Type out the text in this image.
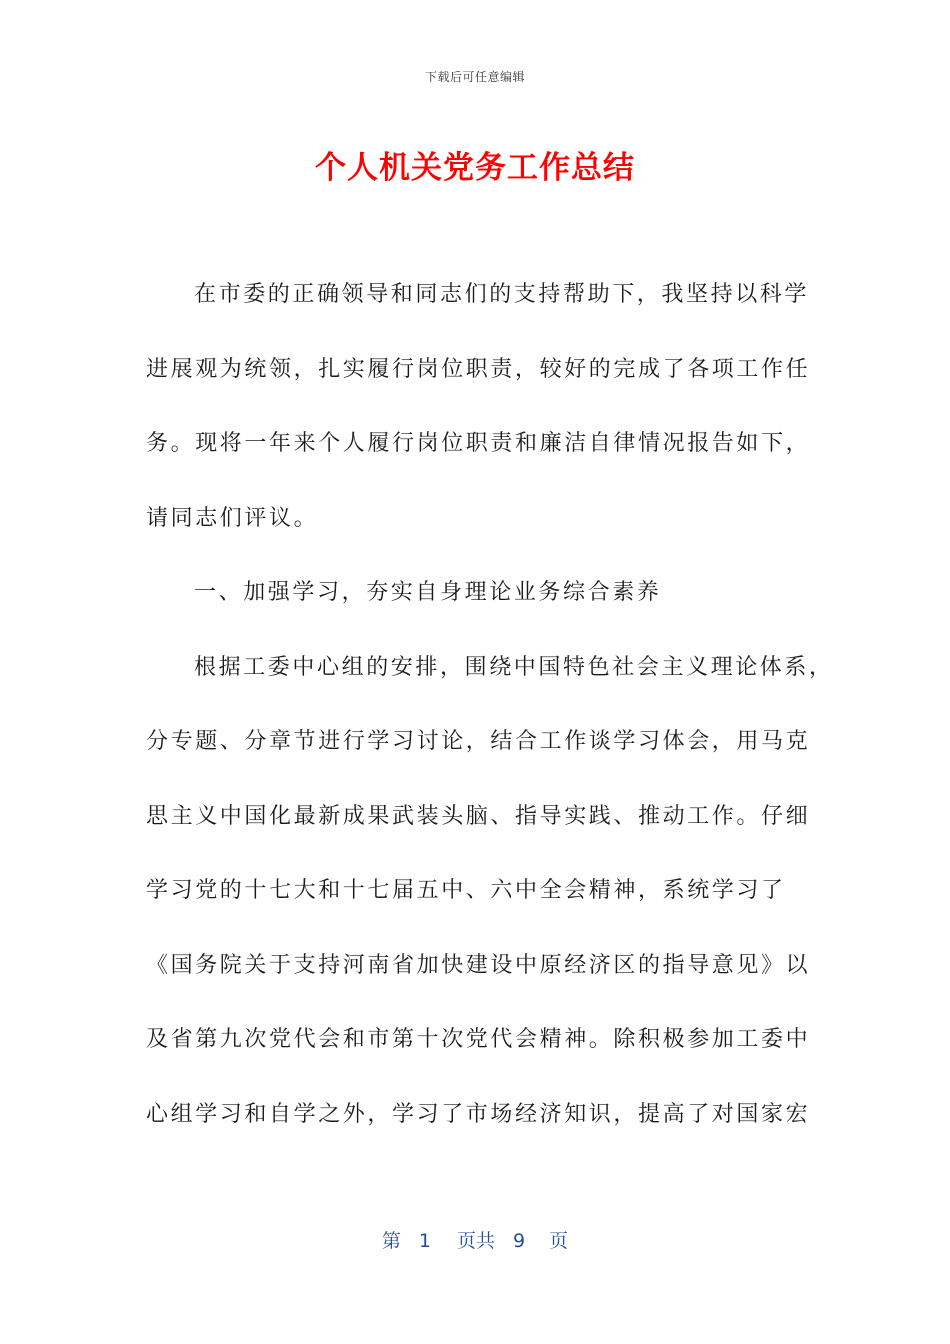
下载后可任意编辑
个人机关党务工作总结
在市委的正确领导和同志们的支持帮助下，我坚持以科学
进展观为统领，扎实履行岗位职责，较好的完成了各项工作任
务。现将一年来个人履行岗位职责和廉洁自律情况报告如下，
请同志们评议。
一、加强学习，夯实自身理论业务综合素养
根据工委中心组的安排，围绕中国特色社会主义理论体系，
分专题、分章节进行学习讨论，结合工作谈学习体会，用马克
思主义中国化最新成果武装头脑、指导实践、推动工作。仔细
学习党的十七大和十七届五中、六中全会精神，系统学习了
《国务院关于支持河南省加快建设中原经济区的指导意见》以
及省第九次党代会和市第十次党代会精神。除积极参加工委中
心组学习和自学之外，学习了市场经济知识，提高了对国家宏
第 1 页共 9 页
